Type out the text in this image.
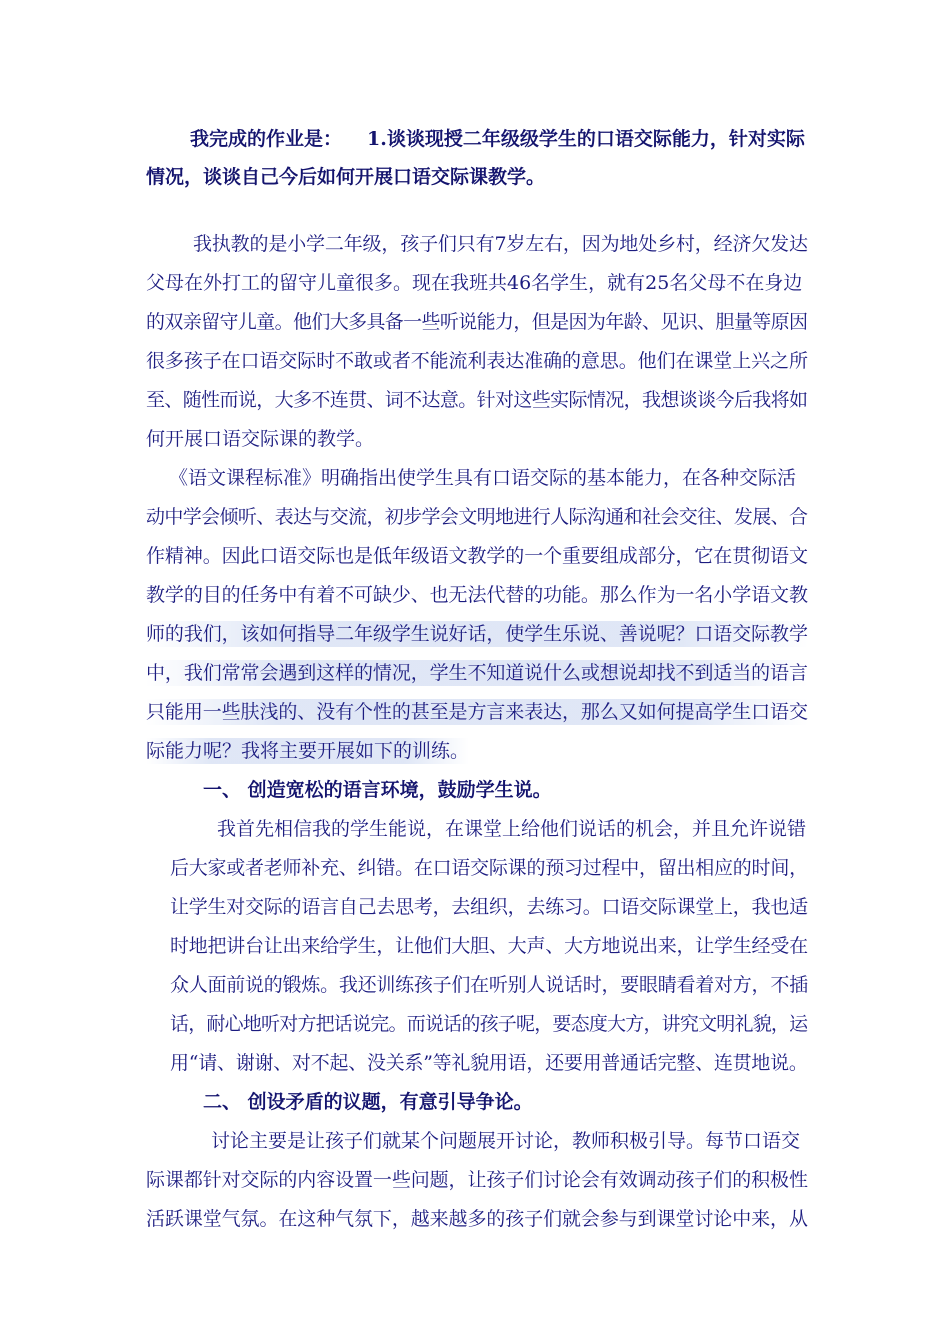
我完成的作业是： 1.谈谈现授二年级级学生的口语交际能力，针对实际
情况，谈谈自己今后如何开展口语交际课教学。
我执教的是小学二年级，孩子们只有7岁左右，因为地处乡村，经济欠发达
父母在外打工的留守儿童很多。现在我班共46名学生，就有25名父母不在身边
的双亲留守儿童。他们大多具备一些听说能力，但是因为年龄、见识、胆量等原因
很多孩子在口语交际时不敢或者不能流利表达准确的意思。他们在课堂上兴之所
至、随性而说，大多不连贯、词不达意。针对这些实际情况，我想谈谈今后我将如
何开展口语交际课的教学。
《语文课程标准》明确指出使学生具有口语交际的基本能力，在各种交际活
动中学会倾听、表达与交流，初步学会文明地进行人际沟通和社会交往、发展、合
作精神。因此口语交际也是低年级语文教学的一个重要组成部分，它在贯彻语文
教学的目的任务中有着不可缺少、也无法代替的功能。那么作为一名小学语文教
师的我们，该如何指导二年级学生说好话，使学生乐说、善说呢？口语交际教学
中，我们常常会遇到这样的情况，学生不知道说什么或想说却找不到适当的语言
只能用一些肤浅的、没有个性的甚至是方言来表达，那么又如何提高学生口语交
际能力呢？我将主要开展如下的训练。
一、 创造宽松的语言环境，鼓励学生说。
我首先相信我的学生能说，在课堂上给他们说话的机会，并且允许说错
后大家或者老师补充、纠错。在口语交际课的预习过程中，留出相应的时间，
让学生对交际的语言自己去思考，去组织，去练习。口语交际课堂上，我也适
时地把讲台让出来给学生，让他们大胆、大声、大方地说出来，让学生经受在
众人面前说的锻炼。我还训练孩子们在听别人说话时，要眼睛看着对方，不插
话，耐心地听对方把话说完。而说话的孩子呢，要态度大方，讲究文明礼貌，运
用“请、谢谢、对不起、没关系”等礼貌用语，还要用普通话完整、连贯地说。
二、 创设矛盾的议题，有意引导争论。
讨论主要是让孩子们就某个问题展开讨论，教师积极引导。每节口语交
际课都针对交际的内容设置一些问题，让孩子们讨论会有效调动孩子们的积极性
活跃课堂气氛。在这种气氛下，越来越多的孩子们就会参与到课堂讨论中来，从
